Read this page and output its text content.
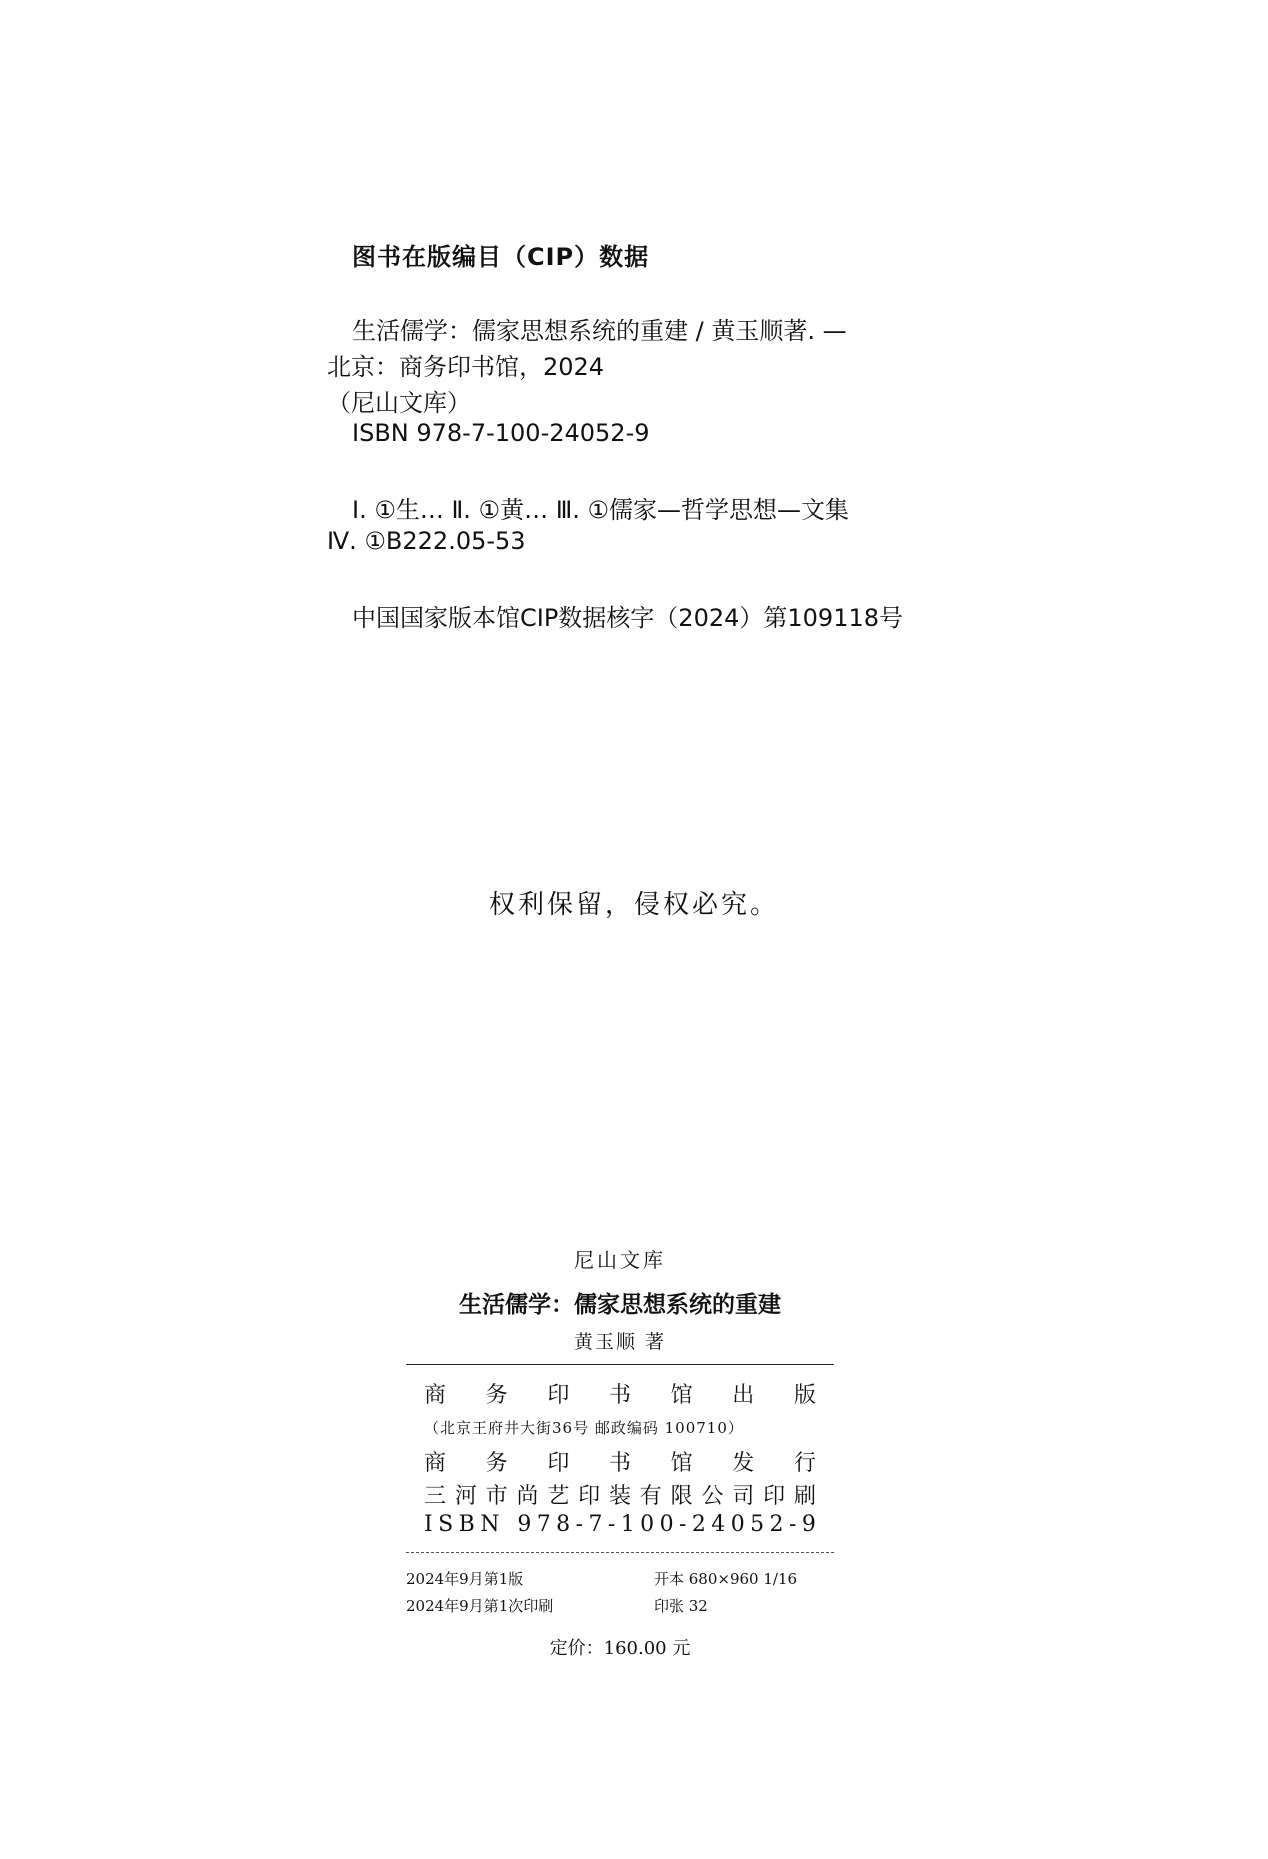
图书在版编目（CIP）数据
生活儒学：儒家思想系统的重建 / 黄玉顺著. —
北京：商务印书馆，2024
（尼山文库）
ISBN 978-7-100-24052-9
Ⅰ. ①生… Ⅱ. ①黄… Ⅲ. ①儒家—哲学思想—文集
Ⅳ. ①B222.05-53
中国国家版本馆CIP数据核字（2024）第109118号
权利保留，侵权必究。
尼山文库
生活儒学：儒家思想系统的重建
黄玉顺 著
商 务 印 书 馆 出 版
（北京王府井大街36号 邮政编码 100710）
商 务 印 书 馆 发 行
三 河 市 尚 艺 印 装 有 限 公 司 印 刷
I S B N
9 7 8 - 7 - 1 0 0 - 2 4 0 5 2 - 9
2024年9月第1版	开本 680×960 1/16
2024年9月第1次印刷	印张 32
定价：160.00 元
